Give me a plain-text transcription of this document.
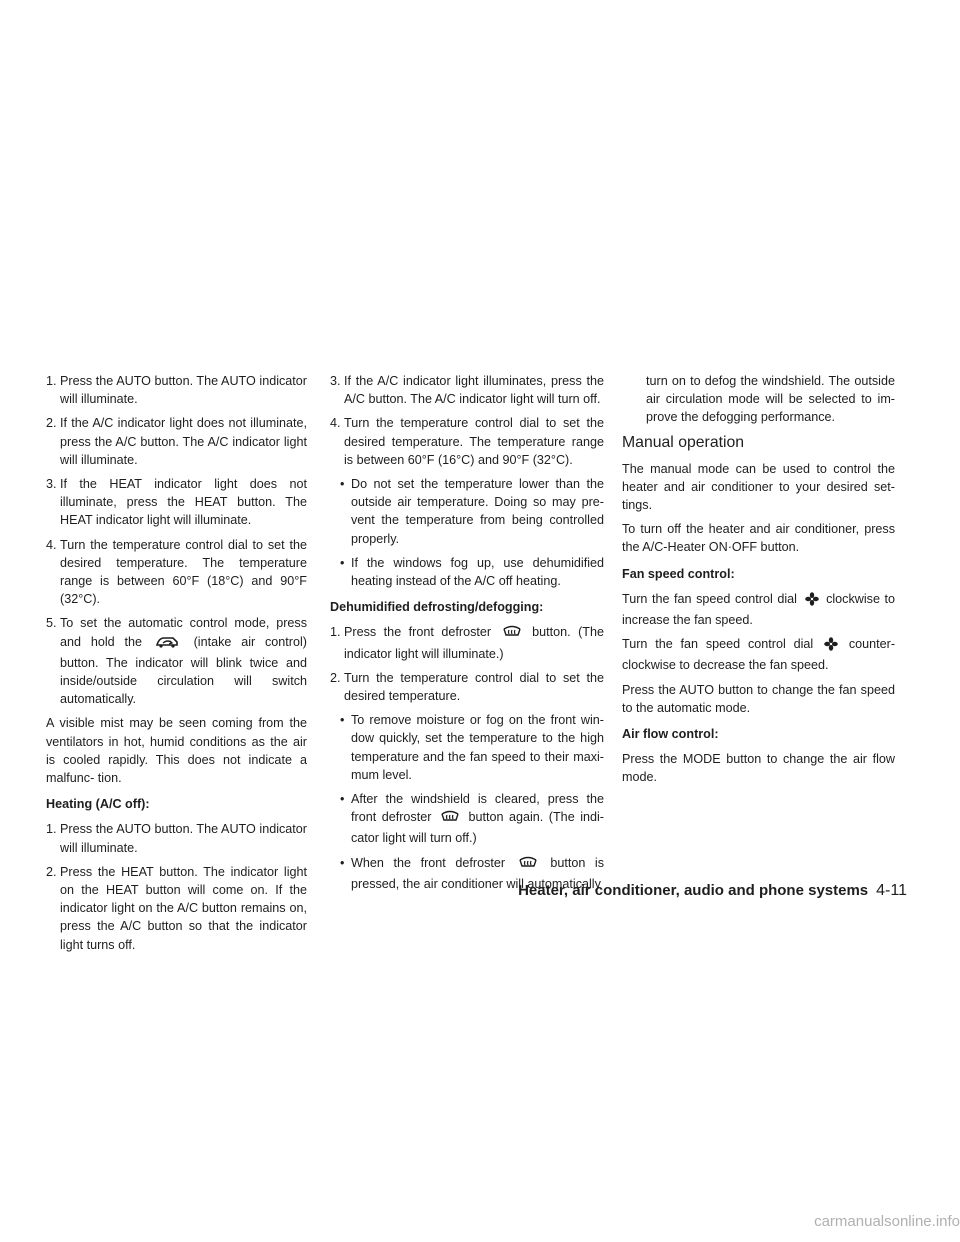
1. Press the AUTO button. The AUTO indicator will illuminate.
2. If the A/C indicator light does not illuminate, press the A/C button. The A/C indicator light will illuminate.
3. If the HEAT indicator light does not illuminate, press the HEAT button. The HEAT indicator light will illuminate.
4. Turn the temperature control dial to set the desired temperature. The temperature range is between 60°F (18°C) and 90°F (32°C).
5. To set the automatic control mode, press and hold the	(intake air control) button. The indicator will blink twice and inside/outside circulation will switch automatically.

A visible mist may be seen coming from the ventilators in hot, humid conditions as the air is cooled rapidly. This does not indicate a malfunc- tion.

Heating (A/C off):
1. Press the AUTO button. The AUTO indicator will illuminate.
2. Press the HEAT button. The indicator light on the HEAT button will come on. If the indicator light on the A/C button remains on, press the A/C button so that the indicator light turns off.
3. If the A/C indicator light illuminates, press the A/C button. The A/C indicator light will turn off.
4. Turn the temperature control dial to set the desired temperature. The temperature range is between 60°F (16°C) and 90°F (32°C).
• Do not set the temperature lower than the outside air temperature. Doing so may pre- vent the temperature from being controlled properly.
• If the windows fog up, use dehumidified heating instead of the A/C off heating.
Dehumidified defrosting/defogging:
1. Press the front defroster	button. (The indicator light will illuminate.)
2. Turn the temperature control dial to set the desired temperature.
• To remove moisture or fog on the front win- dow quickly, set the temperature to the high temperature and the fan speed to their maxi- mum level.
• After the windshield is cleared, press the front defroster	button again. (The indi- cator light will turn off.)
• When the front defroster	button is pressed, the air conditioner will automatically

turn on to defog the windshield. The outside air circulation mode will be selected to im- prove the defogging performance.

Manual operation

The manual mode can be used to control the heater and air conditioner to your desired set- tings.

To turn off the heater and air conditioner, press the A/C-Heater ON·OFF button.

Fan speed control:

Turn the fan speed control dial clockwise to increase the fan speed.

Turn the fan speed control dial	counter- clockwise to decrease the fan speed.

Press the AUTO button to change the fan speed to the automatic mode.

Air flow control:

Press the MODE button to change the air flow mode.

Heater, air conditioner, audio and phone systems 4-11
carmanualsonline.info
